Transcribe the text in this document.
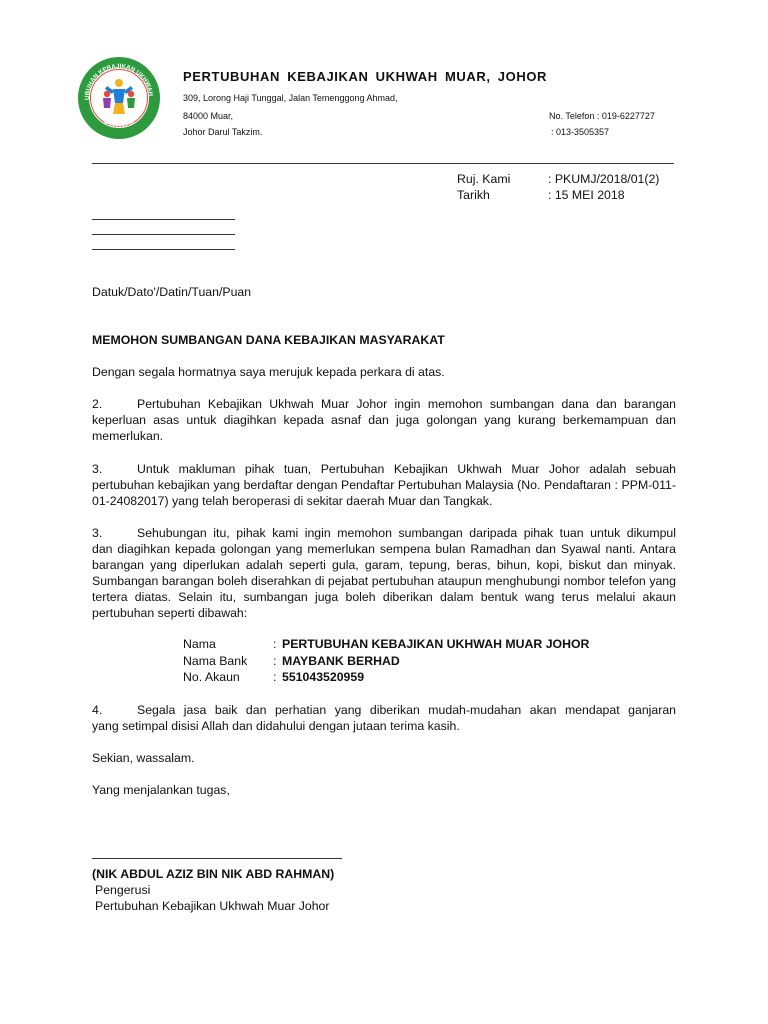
UBUHAN KEBAJIKAN UKHWAH
J O H O R
PERTUBUHAN KEBAJIKAN UKHWAH MUAR, JOHOR
309, Lorong Haji Tunggal, Jalan Temenggong Ahmad,
84000 Muar,
Johor Darul Takzim.
No. Telefon : 019-6227727
: 013-3505357
Ruj. Kami	: PKUMJ/2018/01(2)
Tarikh	: 15 MEI 2018
Datuk/Dato'/Datin/Tuan/Puan
MEMOHON SUMBANGAN DANA KEBAJIKAN MASYARAKAT
Dengan segala hormatnya saya merujuk kepada perkara di atas.
2.	Pertubuhan Kebajikan Ukhwah Muar Johor ingin memohon sumbangan dana dan barangan
keperluan asas untuk diagihkan kepada asnaf dan juga golongan yang kurang berkemampuan dan memerlukan.
3.	Untuk makluman pihak tuan, Pertubuhan Kebajikan Ukhwah Muar Johor adalah sebuah
pertubuhan kebajikan yang berdaftar dengan Pendaftar Pertubuhan Malaysia (No. Pendaftaran : PPM-011-01-24082017) yang telah beroperasi di sekitar daerah Muar dan Tangkak.
3.	Sehubungan itu, pihak kami ingin memohon sumbangan daripada pihak tuan untuk dikumpul
dan diagihkan kepada golongan yang memerlukan sempena bulan Ramadhan dan Syawal nanti. Antara barangan yang diperlukan adalah seperti gula, garam, tepung, beras, bihun, kopi, biskut dan minyak. Sumbangan barangan boleh diserahkan di pejabat pertubuhan ataupun menghubungi nombor telefon yang tertera diatas. Selain itu, sumbangan juga boleh diberikan dalam bentuk wang terus melalui akaun pertubuhan seperti dibawah:
Nama	: PERTUBUHAN KEBAJIKAN UKHWAH MUAR JOHOR
Nama Bank : MAYBANK BERHAD
No. Akaun	: 551043520959
4.	Segala jasa baik dan perhatian yang diberikan mudah-mudahan akan mendapat ganjaran
yang setimpal disisi Allah dan didahului dengan jutaan terima kasih.
Sekian, wassalam.
Yang menjalankan tugas,
(NIK ABDUL AZIZ BIN NIK ABD RAHMAN)
Pengerusi
Pertubuhan Kebajikan Ukhwah Muar Johor
